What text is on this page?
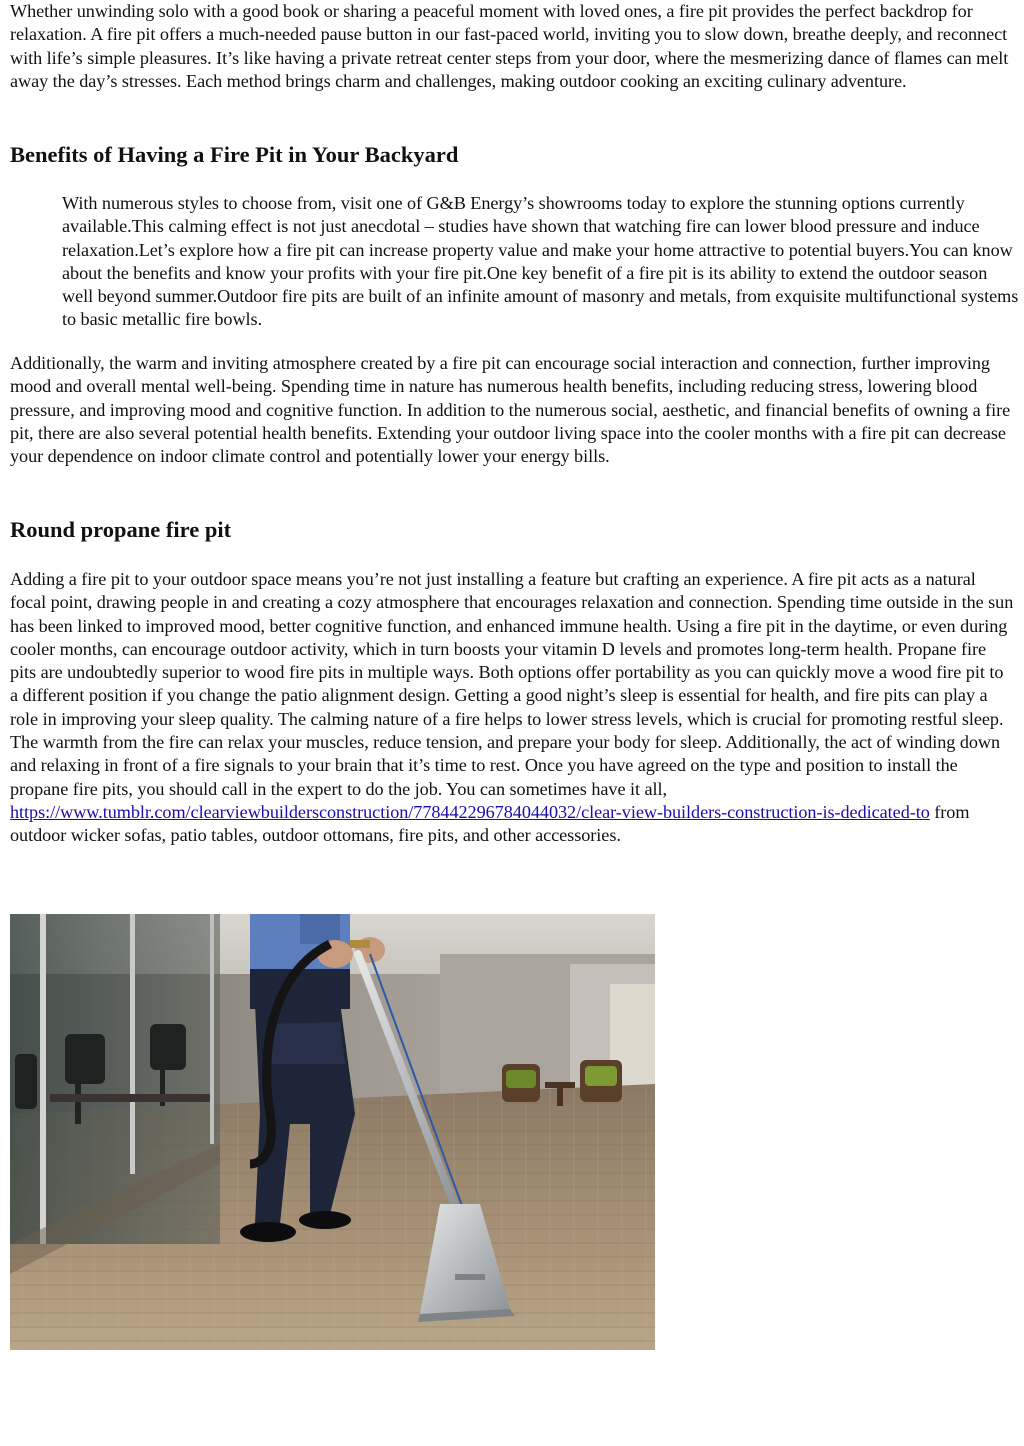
Whether unwinding solo with a good book or sharing a peaceful moment with loved ones, a fire pit provides the perfect backdrop for relaxation. A fire pit offers a much-needed pause button in our fast-paced world, inviting you to slow down, breathe deeply, and reconnect with life’s simple pleasures. It’s like having a private retreat center steps from your door, where the mesmerizing dance of flames can melt away the day’s stresses. Each method brings charm and challenges, making outdoor cooking an exciting culinary adventure.

Benefits of Having a Fire Pit in Your Backyard
With numerous styles to choose from, visit one of G&B Energy’s showrooms today to explore the stunning options currently available.This calming effect is not just anecdotal – studies have shown that watching fire can lower blood pressure and induce relaxation.Let’s explore how a fire pit can increase property value and make your home attractive to potential buyers.You can know about the benefits and know your profits with your fire pit.One key benefit of a fire pit is its ability to extend the outdoor season well beyond summer.Outdoor fire pits are built of an infinite amount of masonry and metals, from exquisite multifunctional systems to basic metallic fire bowls.

Additionally, the warm and inviting atmosphere created by a fire pit can encourage social interaction and connection, further improving mood and overall mental well-being. Spending time in nature has numerous health benefits, including reducing stress, lowering blood pressure, and improving mood and cognitive function. In addition to the numerous social, aesthetic, and financial benefits of owning a fire pit, there are also several potential health benefits. Extending your outdoor living space into the cooler months with a fire pit can decrease your dependence on indoor climate control and potentially lower your energy bills.

Round propane fire pit

Adding a fire pit to your outdoor space means you’re not just installing a feature but crafting an experience. A fire pit acts as a natural focal point, drawing people in and creating a cozy atmosphere that encourages relaxation and connection. Spending time outside in the sun has been linked to improved mood, better cognitive function, and enhanced immune health. Using a fire pit in the daytime, or even during cooler months, can encourage outdoor activity, which in turn boosts your vitamin D levels and promotes long-term health. Propane fire pits are undoubtedly superior to wood fire pits in multiple ways. Both options offer portability as you can quickly move a wood fire pit to a different position if you change the patio alignment design. Getting a good night’s sleep is essential for health, and fire pits can play a role in improving your sleep quality. The calming nature of a fire helps to lower stress levels, which is crucial for promoting restful sleep. The warmth from the fire can relax your muscles, reduce tension, and prepare your body for sleep. Additionally, the act of winding down and relaxing in front of a fire signals to your brain that it’s time to rest. Once you have agreed on the type and position to install the propane fire pits, you should call in the expert to do the job. You can sometimes have it all, https://www.tumblr.com/clearviewbuildersconstruction/778442296784044032/clear-view-builders-construction-is-dedicated-to from outdoor wicker sofas, patio tables, outdoor ottomans, fire pits, and other accessories.
